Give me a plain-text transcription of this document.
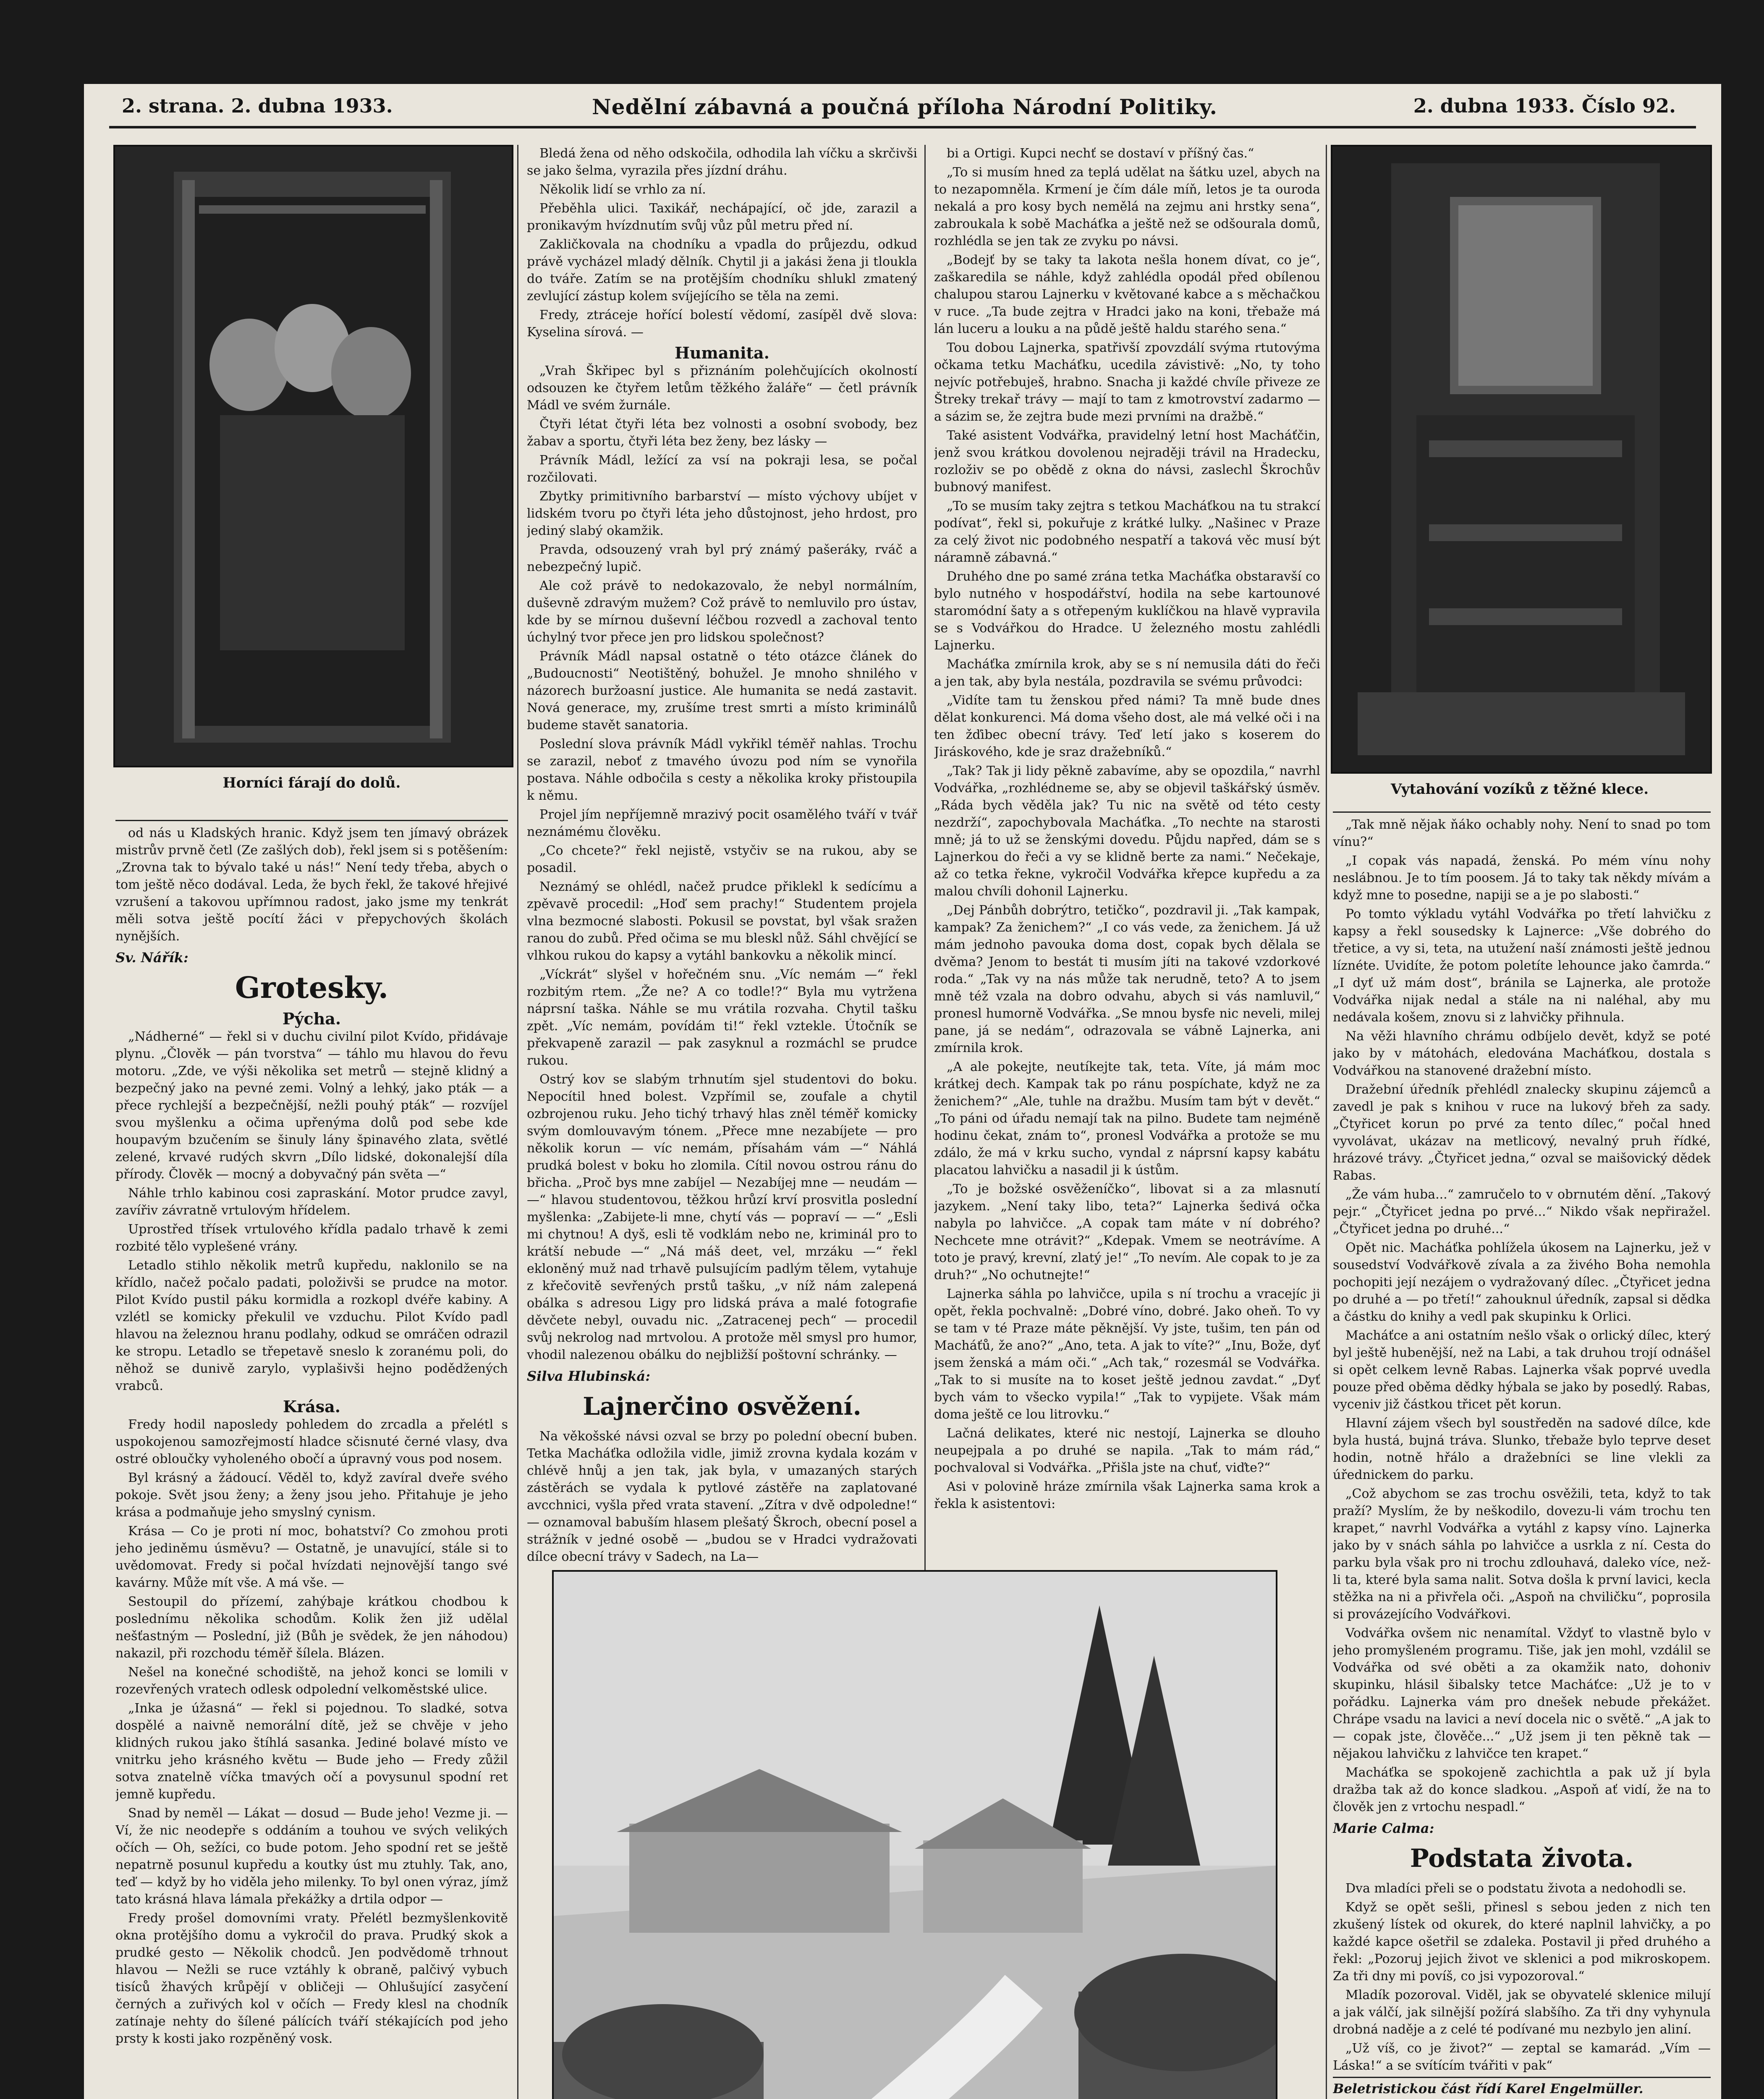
2. strana. 2. dubna 1933.	Nedělní zábavná a poučná příloha Národní Politiky.	2. dubna 1933. Číslo 92.
Horníci fárají do dolů.	Vytahování vozíků z těžné klece.

od nás u Kladských hranic. Když jsem ten jímavý obrázek mistrův prvně četl (Ze zašlých dob), řekl jsem si s potěšením: „Zrovna tak to bývalo také u nás!“ Není tedy třeba, abych o tom ještě něco dodával. Leda, že bych řekl, že takové hřejivé vzrušení a takovou upřímnou radost, jako jsme my tenkrát měli sotva ještě pocítí žáci v přepychových školách nynějších.

Sv. Nářík:
Grotesky.
Pýcha.

„Nádherné“ — řekl si v duchu civilní pilot Kvído, přidávaje plynu. „Člověk — pán tvorstva“ — táhlo mu hlavou do řevu motoru. „Zde, ve výši několika set metrů — stejně klidný a bezpečný jako na pevné zemi. Volný a lehký, jako pták — a přece rychlejší a bezpečnější, nežli pouhý pták“ — rozvíjel svou myšlenku a očima upřenýma dolů pod sebe kde houpavým bzučením se šinuly lány špinavého zlata, světlé zelené, krvavé rudých skvrn „Dílo lidské, dokonalejší díla přírody. Člověk — mocný a dobyvačný pán světa —“

Náhle trhlo kabinou cosi zapraskání. Motor prudce zavyl, zavířiv závratně vrtulovým hřídelem.

Uprostřed třísek vrtulového křídla padalo trhavě k zemi rozbité tělo vyplešené vrány.

Letadlo stihlo několik metrů kupředu, naklonilo se na křídlo, načež počalo padati, položivši se prudce na motor. Pilot Kvído pustil páku kormidla a rozkopl dvéře kabiny. A vzlétl se komicky překulil ve vzduchu. Pilot Kvído padl hlavou na železnou hranu podlahy, odkud se omráčen odrazil ke stropu. Letadlo se třepetavě sneslo k zoranému poli, do něhož se dunivě zarylo, vyplašivši hejno podědžených vrabců.

Krása.

Fredy hodil naposledy pohledem do zrcadla a přelétl s uspokojenou samozřejmostí hladce sčisnuté černé vlasy, dva ostré obloučky vyholeného obočí a úpravný vous pod nosem.

Byl krásný a žádoucí. Věděl to, když zavíral dveře svého pokoje. Svět jsou ženy; a ženy jsou jeho. Přitahuje je jeho krása a podmaňuje jeho smyslný cynism.

Krása — Co je proti ní moc, bohatství? Co zmohou proti jeho jediněmu úsměvu? — Ostatně, je unavující, stále si to uvědomovat. Fredy si počal hvízdati nejnovější tango své kavárny. Může mít vše. A má vše. —

Sestoupil do přízemí, zahýbaje krátkou chodbou k poslednímu několika schodům. Kolik žen již udělal nešťastným — Poslední, již (Bůh je svědek, že jen náhodou) nakazil, při rozchodu téměř šílela. Blázen.

Nešel na konečné schodiště, na jehož konci se lomili v rozevřených vratech odlesk odpolední velkoměstské ulice.

„Inka je úžasná“ — řekl si pojednou. To sladké, sotva dospělé a naivně nemorální dítě, jež se chvěje v jeho klidných rukou jako štíhlá sasanka. Jediné bolavé místo ve vnitrku jeho krásného květu — Bude jeho — Fredy zůžil sotva znatelně víčka tmavých očí a povysunul spodní ret jemně kupředu.

Snad by neměl — Lákat — dosud — Bude jeho! Vezme ji. — Ví, že nic neodepře s oddáním a touhou ve svých velikých očích — Oh, sežíci, co bude potom. Jeho spodní ret se ještě nepatrně posunul kupředu a koutky úst mu ztuhly. Tak, ano, teď — když by ho viděla jeho milenky. To byl onen výraz, jímž tato krásná hlava lámala překážky a drtila odpor —

Fredy prošel domovními vraty. Přelétl bezmyšlenkovitě okna protějšího domu a vykročil do prava. Prudký skok a prudké gesto — Několik chodců. Jen podvědomě trhnout hlavou — Nežli se ruce vztáhly k obraně, palčivý vybuch tisíců žhavých krůpějí v obličeji — Ohlušující zasyčení černých a zuřivých kol v očích — Fredy klesl na chodník zatínaje nehty do šílené pálících tváří stékajících pod jeho prsty k kosti jako rozpěněný vosk.

Bledá žena od něho odskočila, odhodila lah víčku a skrčivši se jako šelma, vyrazila přes jízdní dráhu.

Několik lidí se vrhlo za ní.

Přeběhla ulici. Taxikář, nechápající, oč jde, zarazil a pronikavým hvízdnutím svůj vůz půl metru před ní.

Zakličkovala na chodníku a vpadla do průjezdu, odkud právě vycházel mladý dělník. Chytil ji a jakási žena ji tloukla do tváře. Zatím se na protějším chodníku shlukl zmatený zevlující zástup kolem svíjejícího se těla na zemi.

Fredy, ztráceje hořící bolestí vědomí, zasípěl dvě slova: Kyselina sírová. —

Humanita.

„Vrah Škřipec byl s přiznáním polehčujících okolností odsouzen ke čtyřem letům těžkého žaláře“ — četl právník Mádl ve svém žurnále.

Čtyři létat čtyři léta bez volnosti a osobní svobody, bez žabav a sportu, čtyři léta bez ženy, bez lásky —

Právník Mádl, ležící za vsí na pokraji lesa, se počal rozčilovati.

Zbytky primitivního barbarství — místo výchovy ubíjet v lidském tvoru po čtyři léta jeho důstojnost, jeho hrdost, pro jediný slabý okamžik.

Pravda, odsouzený vrah byl prý známý pašeráky, rváč a nebezpečný lupič.

Ale což právě to nedokazovalo, že nebyl normálním, duševně zdravým mužem? Což právě to nemluvilo pro ústav, kde by se mírnou duševní léčbou rozvedl a zachoval tento úchylný tvor přece jen pro lidskou společnost?

Právník Mádl napsal ostatně o této otázce článek do „Budoucnosti“ Neotištěný, bohužel. Je mnoho shnilého v názorech buržoasní justice. Ale humanita se nedá zastavit. Nová generace, my, zrušíme trest smrti a místo kriminálů budeme stavět sanatoria.

Poslední slova právník Mádl vykřikl téměř nahlas. Trochu se zarazil, neboť z tmavého úvozu pod ním se vynořila postava. Náhle odbočila s cesty a několika kroky přistoupila k němu.

Projel jím nepříjemně mrazivý pocit osamělého tváří v tvář neznámému člověku.

„Co chcete?“ řekl nejistě, vstyčiv se na rukou, aby se posadil.

Neznámý se ohlédl, načež prudce přiklekl k sedícímu a zpěvavě procedil: „Hoď sem prachy!“ Studentem projela vlna bezmocné slabosti. Pokusil se povstat, byl však sražen ranou do zubů. Před očima se mu bleskl nůž. Sáhl chvějící se vlhkou rukou do kapsy a vytáhl bankovku a několik mincí.

„Víckrát“ slyšel v hořečném snu. „Víc nemám —“ řekl rozbitým rtem. „Že ne? A co todle!?“ Byla mu vytržena náprsní taška. Náhle se mu vrátila rozvaha. Chytil tašku zpět. „Víc nemám, povídám ti!“ řekl vztekle. Útočník se překvapeně zarazil — pak zasyknul a rozmáchl se prudce rukou.

Ostrý kov se slabým trhnutím sjel studentovi do boku. Nepocítil hned bolest. Vzpřímil se, zoufale a chytil ozbrojenou ruku. Jeho tichý trhavý hlas zněl téměř komicky svým domlouvavým tónem. „Přece mne nezabíjete — pro několik korun — víc nemám, přísahám vám —“ Náhlá prudká bolest v boku ho zlomila. Cítil novou ostrou ránu do břicha. „Proč bys mne zabíjel — Nezabíjej mne — neudám — —“ hlavou studentovou, těžkou hrůzí krví prosvitla poslední myšlenka: „Zabijete-li mne, chytí vás — popraví — —“ „Esli mi chytnou! A dyš, esli tě vodklám nebo ne, kriminál pro to krátší nebude —“ „Ná máš deet, vel, mrzáku —“ řekl ekloněný muž nad trhavě pulsujícím padlým tělem, vytahuje z křečovitě sevřených prstů tašku, „v níž nám zalepená obálka s adresou Ligy pro lidská práva a malé fotografie děvčete nebyl, ouvadu nic. „Zatracenej pech“ — procedil svůj nekrolog nad mrtvolou. A protože měl smysl pro humor, vhodil nalezenou obálku do nejbližší poštovní schránky. —

Silva Hlubinská:
Lajnerčino osvěžení.

Na věkošské návsi ozval se brzy po polední obecní buben. Tetka Macháťka odložila vidle, jimiž zrovna kydala kozám v chlévě hnůj a jen tak, jak byla, v umazaných starých zástěrách se vydala k pytlové zástěře na zaplatované avcchnici, vyšla před vrata stavení. „Zítra v dvě odpoledne!“ — oznamoval babuším hlasem plešatý Škroch, obecní posel a strážník v jedné osobě — „budou se v Hradci vydražovati dílce obecní trávy v Sadech, na La—

bi a Ortigi. Kupci nechť se dostaví v příšný čas.“

„To si musím hned za teplá udělat na šátku uzel, abych na to nezapomněla. Krmení je čím dále míň, letos je ta ouroda nekalá a pro kosy bych nemělá na zejmu ani hrstky sena“, zabroukala k sobě Macháťka a ještě než se odšourala domů, rozhlédla se jen tak ze zvyku po návsi.

„Bodejť by se taky ta lakota nešla honem dívat, co je“, zaškaredila se náhle, když zahlédla opodál před obílenou chalupou starou Lajnerku v květované kabce a s měchačkou v ruce. „Ta bude zejtra v Hradci jako na koni, třebaže má lán luceru a louku a na půdě ještě haldu starého sena.“

Tou dobou Lajnerka, spatřivší zpovzdálí svýma rtutovýma očkama tetku Macháťku, ucedila závistivě: „No, ty toho nejvíc potřebuješ, hrabno. Snacha ji každé chvíle přiveze ze Štreky trekař trávy — mají to tam z kmotrovství zadarmo — a sázim se, že zejtra bude mezi prvními na dražbě.“

Také asistent Vodvářka, pravidelný letní host Macháťčin, jenž svou krátkou dovolenou nejraději trávil na Hradecku, rozloživ se po obědě z okna do návsi, zaslechl Škrochův bubnový manifest.

„To se musím taky zejtra s tetkou Macháťkou na tu strakcí podívat“, řekl si, pokuřuje z krátké lulky. „Našinec v Praze za celý život nic podobného nespatří a taková věc musí být náramně zábavná.“

Druhého dne po samé zrána tetka Macháťka obstaravší co bylo nutného v hospodářství, hodila na sebe kartounové staromódní šaty a s otřepeným kuklíčkou na hlavě vypravila se s Vodvářkou do Hradce. U železného mostu zahlédli Lajnerku.

Macháťka zmírnila krok, aby se s ní nemusila dáti do řeči a jen tak, aby byla nestála, pozdravila se svému průvodci:

„Vidíte tam tu ženskou před námi? Ta mně bude dnes dělat konkurenci. Má doma všeho dost, ale má velké oči i na ten žďibec obecní trávy. Teď letí jako s koserem do Jiráskového, kde je sraz dražebníků.“

„Tak? Tak ji lidy pěkně zabavíme, aby se opozdila,“ navrhl Vodvářka, „rozhlédneme se, aby se objevil taškářský úsměv. „Ráda bych věděla jak? Tu nic na světě od této cesty nezdrží“, zapochybovala Macháťka. „To nechte na starosti mně; já to už se ženskými dovedu. Půjdu napřed, dám se s Lajnerkou do řeči a vy se klidně berte za nami.“ Nečekaje, až co tetka řekne, vykročil Vodvářka křepce kupředu a za malou chvíli dohonil Lajnerku.

„Dej Pánbůh dobrýtro, tetičko“, pozdravil ji. „Tak kampak, kampak? Za ženichem?“ „I co vás vede, za ženichem. Já už mám jednoho pavouka doma dost, copak bych dělala se dvěma? Jenom to bestát ti musím jíti na takové vzdorkové roda.“ „Tak vy na nás může tak nerudně, teto? A to jsem mně též vzala na dobro odvahu, abych si vás namluvil,“ pronesl humorně Vodvářka. „Se mnou bysfe nic neveli, milej pane, já se nedám“, odrazovala se vábně Lajnerka, ani zmírnila krok.

„A ale pokejte, neutíkejte tak, teta. Víte, já mám moc krátkej dech. Kampak tak po ránu pospíchate, když ne za ženichem?“ „Ale, tuhle na dražbu. Musím tam být v devět.“ „To páni od úřadu nemají tak na pilno. Budete tam nejméně hodinu čekat, znám to“, pronesl Vodvářka a protože se mu zdálo, že má v krku sucho, vyndal z náprsní kapsy kabátu placatou lahvičku a nasadil ji k ústům.

„To je božské osvěženíčko“, libovat si a za mlasnutí jazykem. „Není taky libo, teta?“ Lajnerka šedivá očka nabyla po lahvičce. „A copak tam máte v ní dobrého? Nechcete mne otrávit?“ „Kdepak. Vmem se neotrávíme. A toto je pravý, krevní, zlatý je!“ „To nevím. Ale copak to je za druh?“ „No ochutnejte!“

Lajnerka sáhla po lahvičce, upila s ní trochu a vracejíc ji opět, řekla pochvalně: „Dobré víno, dobré. Jako oheň. To vy se tam v té Praze máte pěknější. Vy jste, tušim, ten pán od Macháťů, že ano?“ „Ano, teta. A jak to víte?“ „Inu, Bože, dyť jsem ženská a mám oči.“ „Ach tak,“ rozesmál se Vodvářka. „Tak to si musíte na to koset ještě jednou zavdat.“ „Dyť bych vám to všecko vypila!“ „Tak to vypijete. Však mám doma ještě ce lou litrovku.“

Lačná delikates, které nic nestojí, Lajnerka se dlouho neupejpala a po druhé se napila. „Tak to mám rád,“ pochvaloval si Vodvářka. „Přišla jste na chuť, viďte?“

Asi v polovině hráze zmírnila však Lajnerka sama krok a řekla k asistentovi:

„Tak mně nějak ňáko ochably nohy. Není to snad po tom vínu?“

„I copak vás napadá, ženská. Po mém vínu nohy neslábnou. Je to tím poosem. Já to taky tak někdy mívám a když mne to posedne, napiji se a je po slabosti.“

Po tomto výkladu vytáhl Vodvářka po třetí lahvičku z kapsy a řekl sousedsky k Lajnerce: „Vše dobrého do třetice, a vy si, teta, na utužení naší známosti ještě jednou líznéte. Uvidíte, že potom poletíte lehounce jako čamrda.“ „I dyť už mám dost“, bránila se Lajnerka, ale protože Vodvářka nijak nedal a stále na ni naléhal, aby mu nedávala košem, znovu si z lahvičky přihnula.

Na věži hlavního chrámu odbíjelo devět, když se poté jako by v mátohách, eledovánа Macháťkou, dostala s Vodvářkou na stanovené dražební místo.

Dražební úředník přehlédl znalecky skupinu zájemců a zavedl je pak s knihou v ruce na lukový břeh za sady. „Čtyřicet korun po prvé za tento dílec,“ počal hned vyvolávat, ukázav na metlicový, nevalný pruh řídké, hrázové trávy. „Čtyřicet jedna,“ ozval se maišovický dědek Rabas.

„Že vám huba...“ zamručelo to v obrnutém dění. „Takový pejr.“ „Čtyřicet jedna po prvé...“ Nikdo však nepřiražel. „Čtyřicet jedna po druhé...“

Opět nic. Macháťka pohlížela úkosem na Lajnerku, jež v sousedství Vodvářkově zívala a za živého Boha nemohla pochopiti její nezájem o vydražovaný dílec. „Čtyřicet jedna po druhé a — po třetí!“ zahouknul úředník, zapsal si dědka a částku do knihy a vedl pak skupinku k Orlici.

Macháťce a ani ostatním nešlo však o orlický dílec, který byl ještě hubenější, než na Labi, a tak druhou trojí odnášel si opět celkem levně Rabas. Lajnerka však poprvé uvedla pouze před oběma dědky hýbala se jako by posedlý. Rabas, vyceniv již částkou třicet pět korun.

Hlavní zájem všech byl soustředěn na sadové dílce, kde byla hustá, bujná tráva. Slunko, třebaže bylo teprve deset hodin, notně hřálo a dražebníci se line vlekli za úřednickem do parku.

„Což abychom se zas trochu osvěžili, teta, když to tak praží? Myslím, že by neškodilo, dovezu-li vám trochu ten krapet,“ navrhl Vodvářka a vytáhl z kapsy víno. Lajnerka jako by v snách sáhla po lahvičce a usrkla z ní. Cesta do parku byla však pro ni trochu zdlouhavá, daleko více, než-li ta, které byla sama nalit. Sotva došla k první lavici, kecla stěžka na ni a přivřela oči. „Aspoň na chviličku“, poprosila si provázejícího Vodvářkovi.

Vodvářka ovšem nic nenamítal. Vždyť to vlastně bylo v jeho promyšleném programu. Tiše, jak jen mohl, vzdálil se Vodvářka od své oběti a za okamžik nato, dohoniv skupinku, hlásil šibalsky tetce Macháťce: „Už je to v pořádku. Lajnerka vám pro dnešek nebude překážet. Chrápe vsadu na lavici a neví docela nic o světě.“ „A jak to — copak jste, člověče...“ „Už jsem ji ten pěkně tak — nějakou lahvičku z lahvičce ten krapet.“

Macháťka se spokojeně zachichtla a pak už jí byla dražba tak až do konce sladkou. „Aspoň ať vidí, že na to člověk jen z vrtochu nespadl.“

Marie Calma:
Podstata života.

Dva mladíci přeli se o podstatu života a nedohodli se.

Když se opět sešli, přinesl s sebou jeden z nich ten zkušený lístek od okurek, do které naplnil lahvičky, a po každé kapce ošetřil se zdaleka. Postavil ji před druhého a řekl: „Pozoruj jejich život ve sklenici a pod mikroskopem. Za tři dny mi povíš, co jsi vypozoroval.“

Mladík pozoroval. Viděl, jak se obyvatelé sklenice milují a jak válčí, jak silnější požírá slabšího. Za tři dny vyhynula drobná naděje a z celé té podívané mu nezbylo jen aliní.

„Už víš, co je život?“ — zeptal se kamarád. „Vím — Láska!“ a se svítícím tvářiti v pak“

Beletristickou část řídí Karel Engelmüller.
